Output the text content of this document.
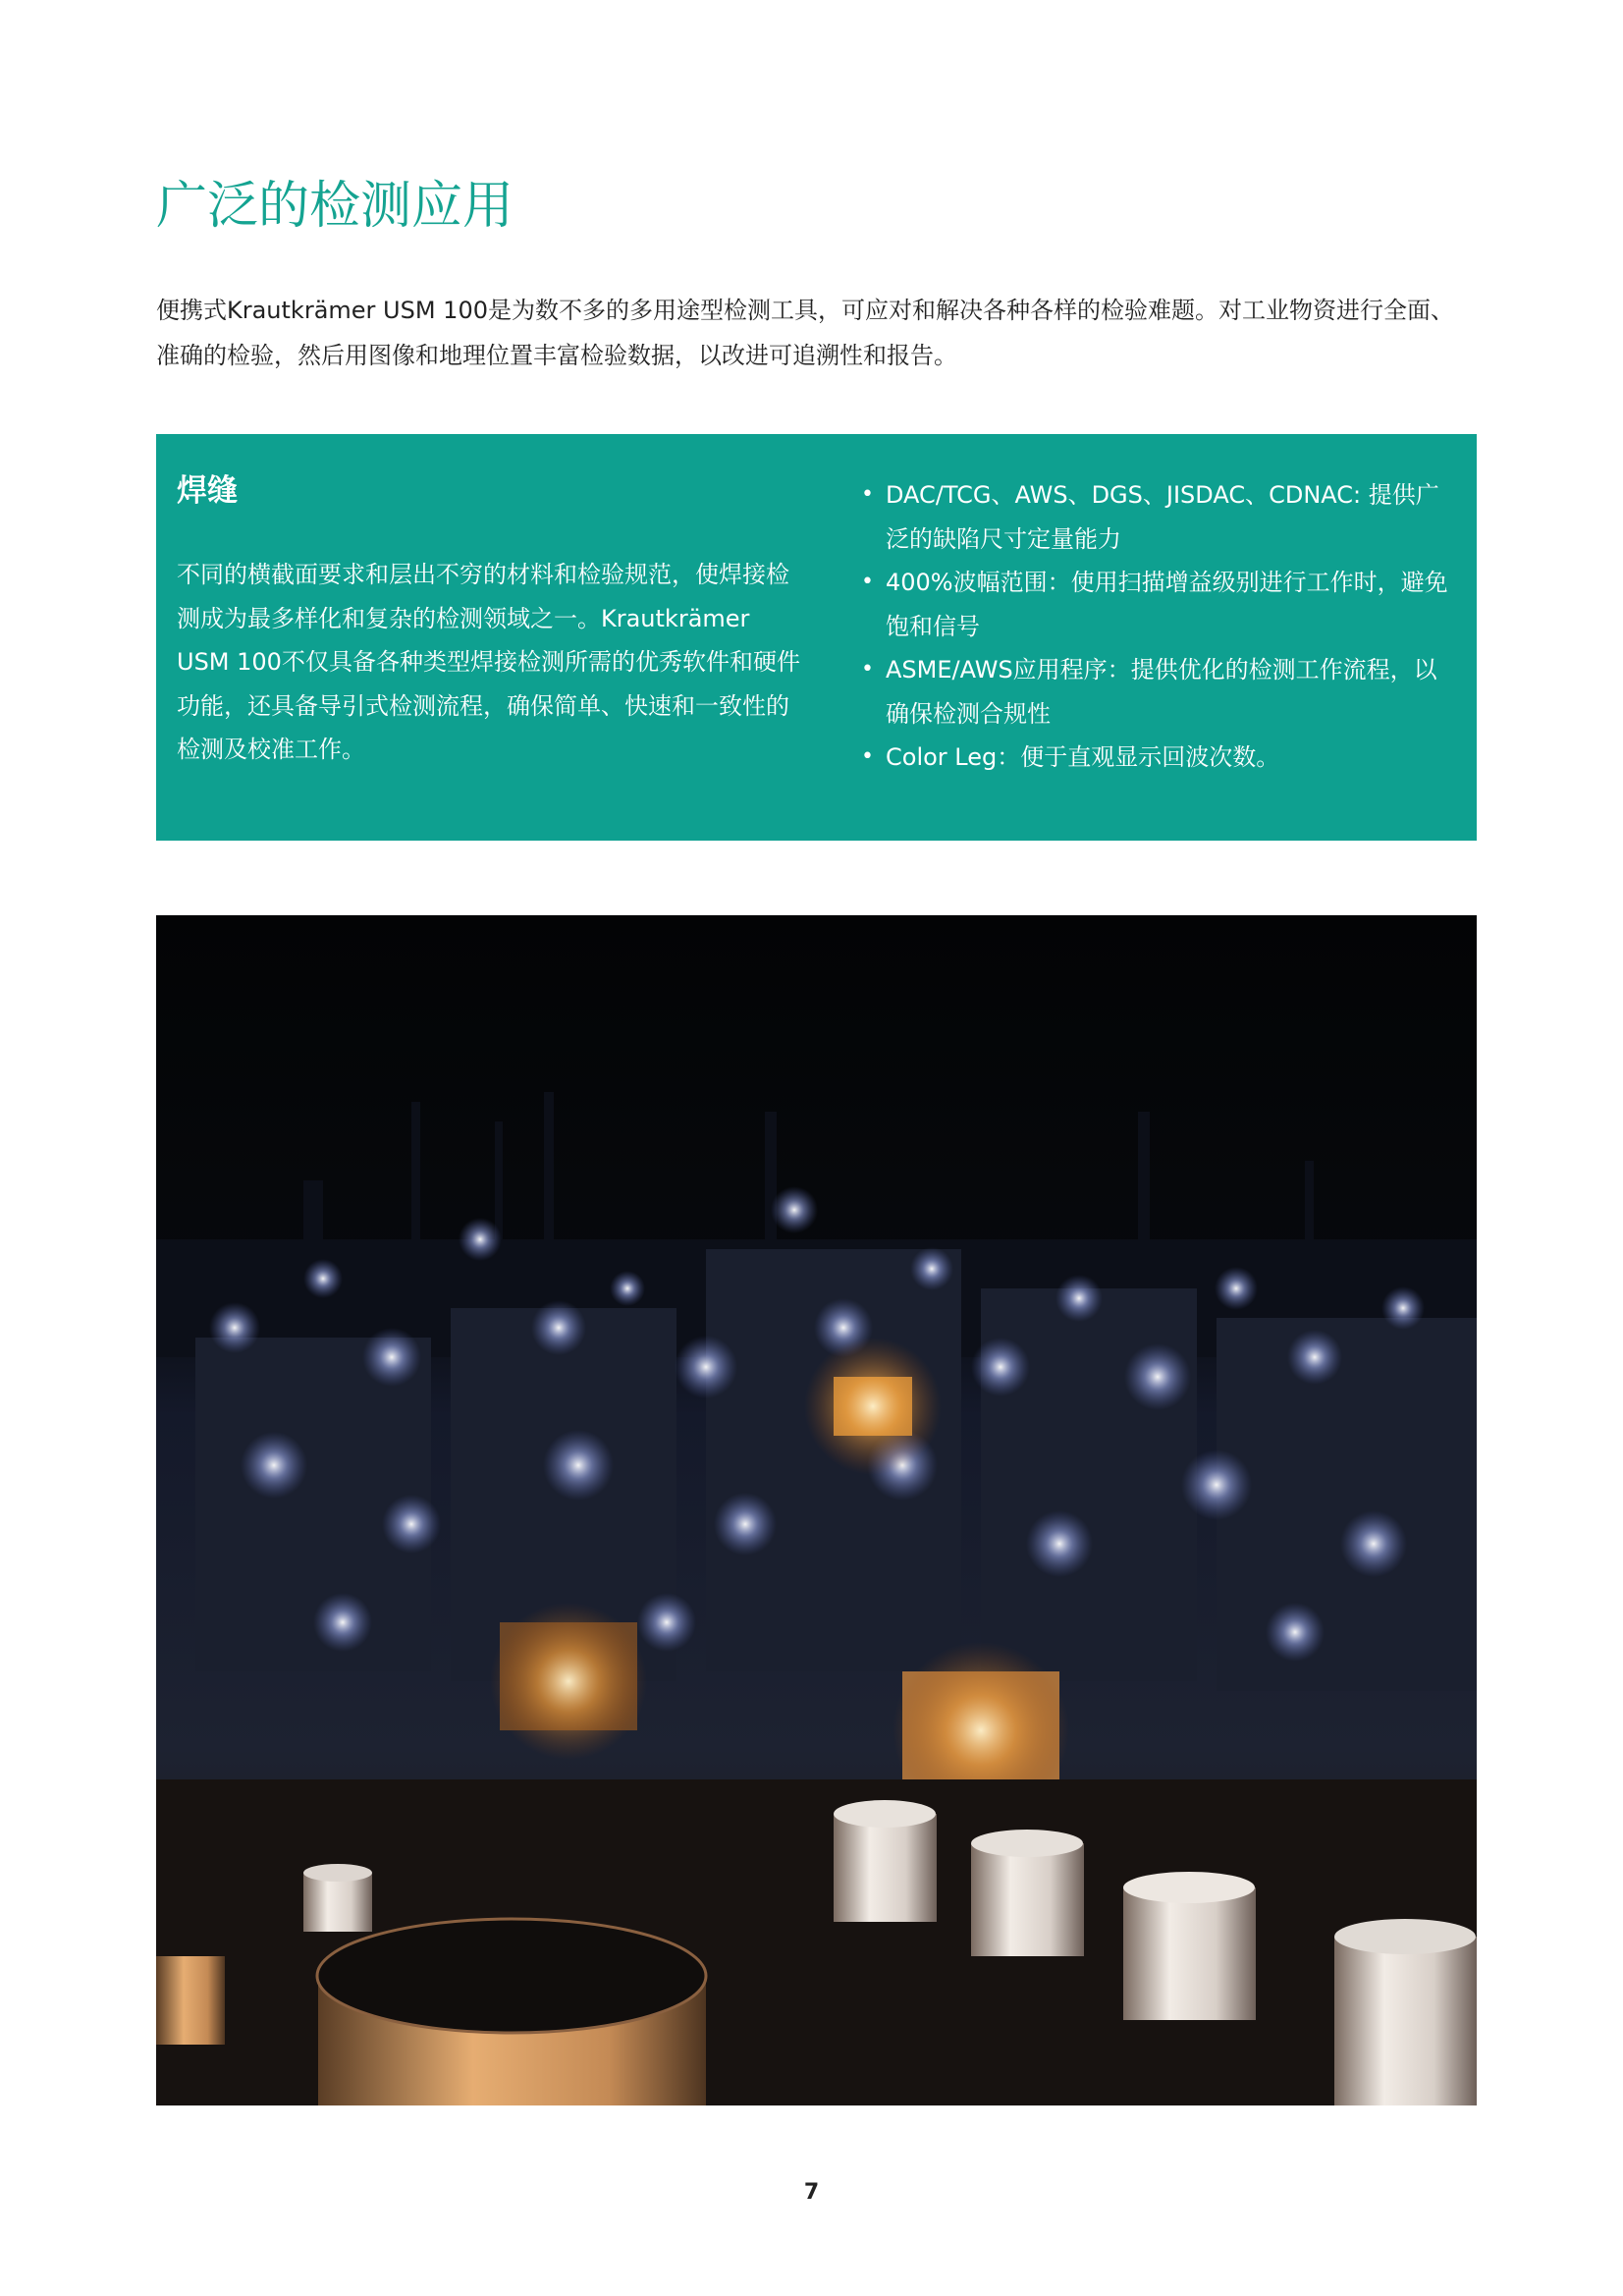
广泛的检测应用

便携式Krautkrämer USM 100是为数不多的多用途型检测工具，可应对和解决各种各样的检验难题。对工业物资进行全面、准确的检验，然后用图像和地理位置丰富检验数据，以改进可追溯性和报告。

焊缝

不同的横截面要求和层出不穷的材料和检验规范，使焊接检测成为最多样化和复杂的检测领域之一。Krautkrämer USM 100不仅具备各种类型焊接检测所需的优秀软件和硬件功能，还具备导引式检测流程，确保简单、快速和一致性的检测及校准工作。

• DAC/TCG、AWS、DGS、JISDAC、CDNAC: 提供广泛的缺陷尺寸定量能力
• 400%波幅范围：使用扫描增益级别进行工作时，避免饱和信号
• ASME/AWS应用程序：提供优化的检测工作流程，以确保检测合规性
• Color Leg：便于直观显示回波次数。
7
